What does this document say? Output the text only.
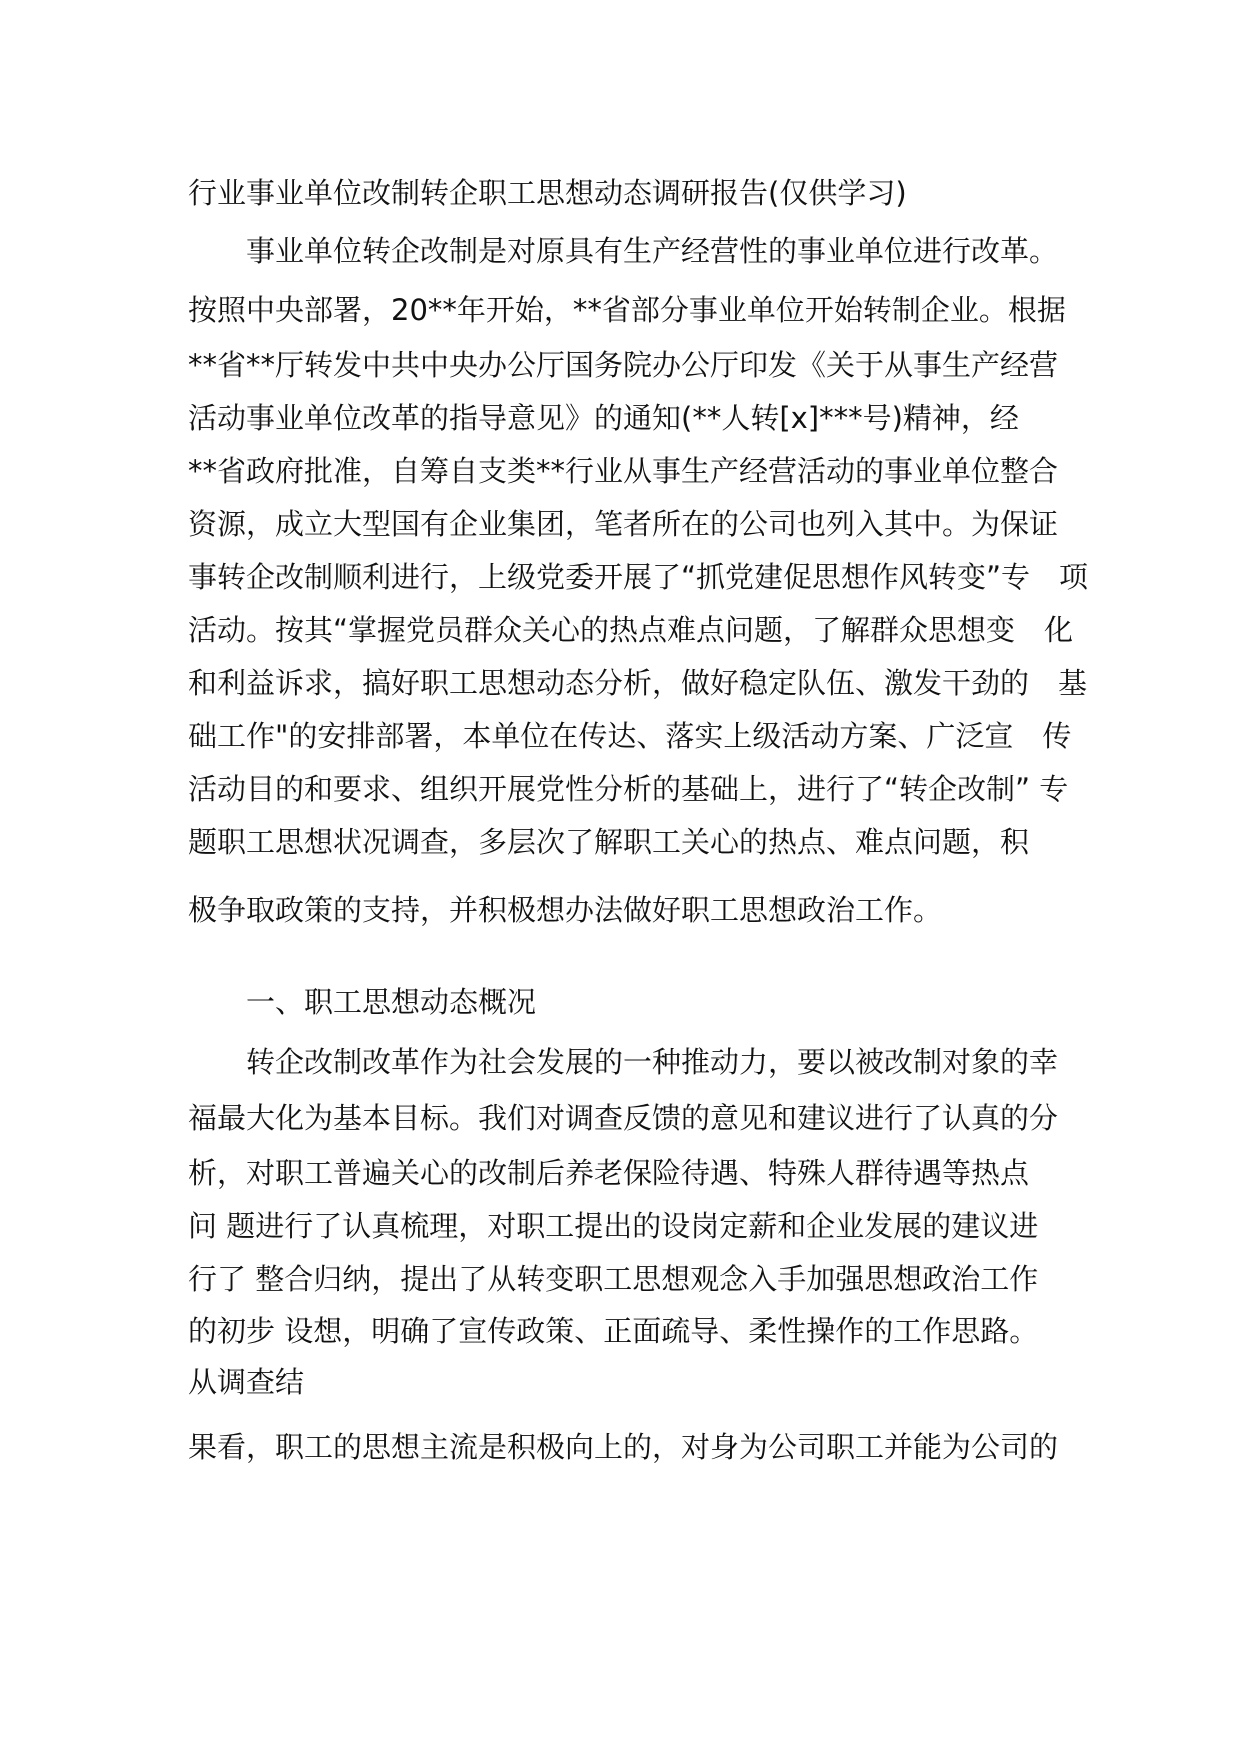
行业事业单位改制转企职工思想动态调研报告(仅供学习)
事业单位转企改制是对原具有生产经营性的事业单位进行改革。
按照中央部署，20**年开始，**省部分事业单位开始转制企业。根据
**省**厅转发中共中央办公厅国务院办公厅印发《关于从事生产经营
活动事业单位改革的指导意见》的通知(**人转[x]***号)精神，经
**省政府批准，自筹自支类**行业从事生产经营活动的事业单位整合
资源，成立大型国有企业集团，笔者所在的公司也列入其中。为保证
事转企改制顺利进行，上级党委开展了“抓党建促思想作风转变”专　项
活动。按其“掌握党员群众关心的热点难点问题，了解群众思想变　化
和利益诉求，搞好职工思想动态分析，做好稳定队伍、激发干劲的　基
础工作"的安排部署，本单位在传达、落实上级活动方案、广泛宣　传
活动目的和要求、组织开展党性分析的基础上，进行了“转企改制” 专
题职工思想状况调查，多层次了解职工关心的热点、难点问题，积
极争取政策的支持，并积极想办法做好职工思想政治工作。
一、职工思想动态概况
转企改制改革作为社会发展的一种推动力，要以被改制对象的幸
福最大化为基本目标。我们对调查反馈的意见和建议进行了认真的分
析，对职工普遍关心的改制后养老保险待遇、特殊人群待遇等热点
问 题进行了认真梳理，对职工提出的设岗定薪和企业发展的建议进
行了 整合归纳，提出了从转变职工思想观念入手加强思想政治工作
的初步 设想，明确了宣传政策、正面疏导、柔性操作的工作思路。
从调查结
果看，职工的思想主流是积极向上的，对身为公司职工并能为公司的
